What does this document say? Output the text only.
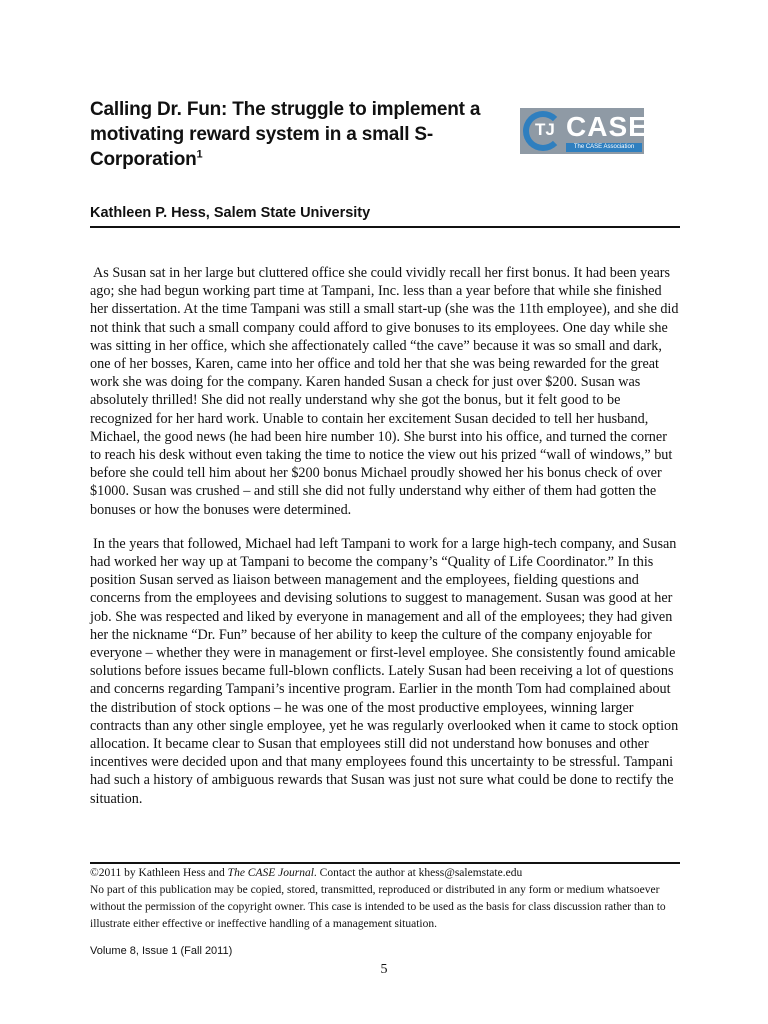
Calling Dr. Fun: The struggle to implement a motivating reward system in a small S-Corporation$^1$
TJ CASE
The CASE Association
Kathleen P. Hess, Salem State University

As Susan sat in her large but cluttered office she could vividly recall her first bonus. It had been years ago; she had begun working part time at Tampani, Inc. less than a year before that while she finished her dissertation. At the time Tampani was still a small start-up (she was the 11th employee), and she did not think that such a small company could afford to give bonuses to its employees. One day while she was sitting in her office, which she affectionately called “the cave” because it was so small and dark, one of her bosses, Karen, came into her office and told her that she was being rewarded for the great work she was doing for the company. Karen handed Susan a check for just over $200. Susan was absolutely thrilled! She did not really understand why she got the bonus, but it felt good to be recognized for her hard work. Unable to contain her excitement Susan decided to tell her husband, Michael, the good news (he had been hire number 10). She burst into his office, and turned the corner to reach his desk without even taking the time to notice the view out his prized “wall of windows,” but before she could tell him about her $200 bonus Michael proudly showed her his bonus check of over $1000. Susan was crushed – and still she did not fully understand why either of them had gotten the bonuses or how the bonuses were determined.

In the years that followed, Michael had left Tampani to work for a large high-tech company, and Susan had worked her way up at Tampani to become the company’s “Quality of Life Coordinator.” In this position Susan served as liaison between management and the employees, fielding questions and concerns from the employees and devising solutions to suggest to management. Susan was good at her job. She was respected and liked by everyone in management and all of the employees; they had given her the nickname “Dr. Fun” because of her ability to keep the culture of the company enjoyable for everyone – whether they were in management or first-level employee. She consistently found amicable solutions before issues became full-blown conflicts. Lately Susan had been receiving a lot of questions and concerns regarding Tampani’s incentive program. Earlier in the month Tom had complained about the distribution of stock options – he was one of the most productive employees, winning larger contracts than any other single employee, yet he was regularly overlooked when it came to stock option allocation. It became clear to Susan that employees still did not understand how bonuses and other incentives were decided upon and that many employees found this uncertainty to be stressful. Tampani had such a history of ambiguous rewards that Susan was just not sure what could be done to rectify the situation.

©2011 by Kathleen Hess and The CASE Journal. Contact the author at khess@salemstate.edu
No part of this publication may be copied, stored, transmitted, reproduced or distributed in any form or medium whatsoever without the permission of the copyright owner. This case is intended to be used as the basis for class discussion rather than to illustrate either effective or ineffective handling of a management situation.
Volume 8, Issue 1 (Fall 2011)
5
